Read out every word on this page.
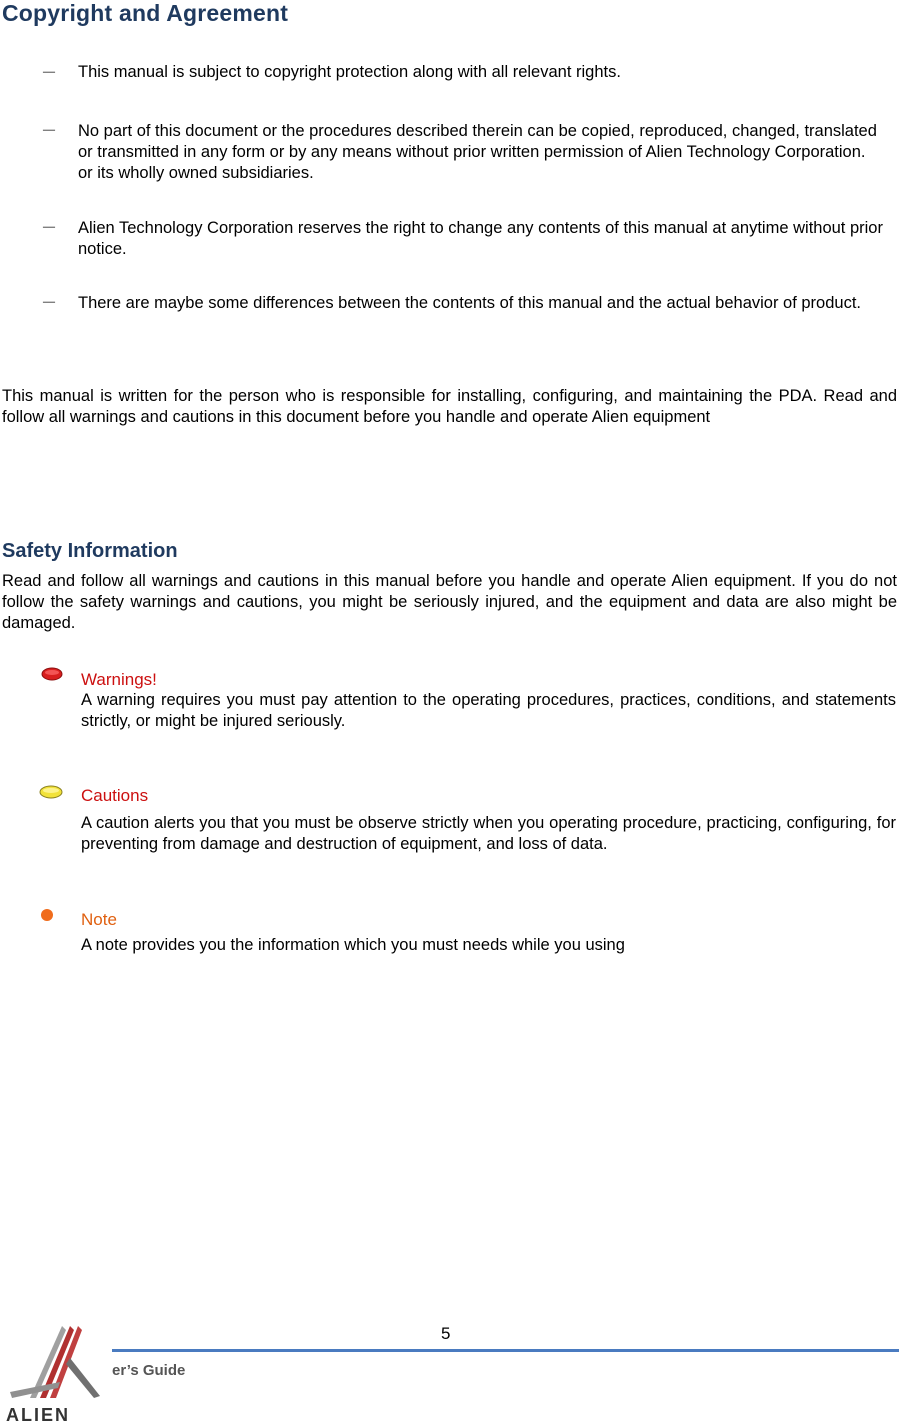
Copyright and Agreement
－ This manual is subject to copyright protection along with all relevant rights.
－ No part of this document or the procedures described therein can be copied, reproduced, changed, translated or transmitted in any form or by any means without prior written permission of Alien Technology Corporation. or its wholly owned subsidiaries.
－ Alien Technology Corporation reserves the right to change any contents of this manual at anytime without prior notice.
－ There are maybe some differences between the contents of this manual and the actual behavior of product.
This manual is written for the person who is responsible for installing, configuring, and maintaining the PDA. Read and follow all warnings and cautions in this document before you handle and operate Alien equipment
Safety Information
Read and follow all warnings and cautions in this manual before you handle and operate Alien equipment. If you do not follow the safety warnings and cautions, you might be seriously injured, and the equipment and data are also might be damaged.
Warnings!
A warning requires you must pay attention to the operating procedures, practices, conditions, and statements strictly, or might be injured seriously.
Cautions
A caution alerts you that you must be observe strictly when you operating procedure, practicing, configuring, for preventing from damage and destruction of equipment, and loss of data.
Note
A note provides you the information which you must needs while you using
5
ALIEN
er’s Guide
